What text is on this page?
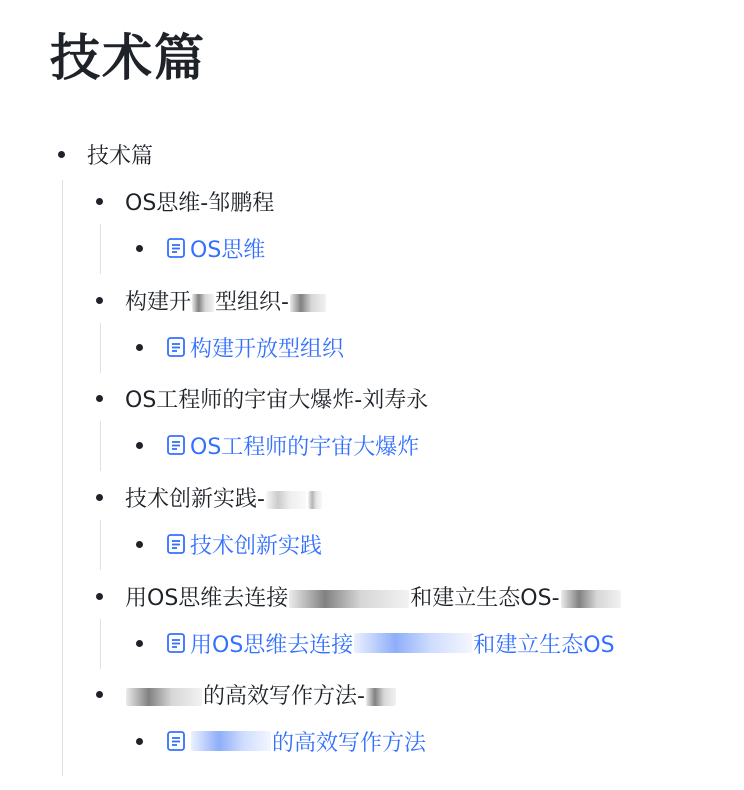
技术篇
技术篇
OS思维-邹鹏程
OS思维
构建开 型组织-
构建开放型组织
OS工程师的宇宙大爆炸-刘寿永
OS工程师的宇宙大爆炸
技术创新实践-
技术创新实践
用OS思维去连接	和建立生态OS-
用OS思维去连接	和建立生态OS
的高效写作方法-
的高效写作方法
